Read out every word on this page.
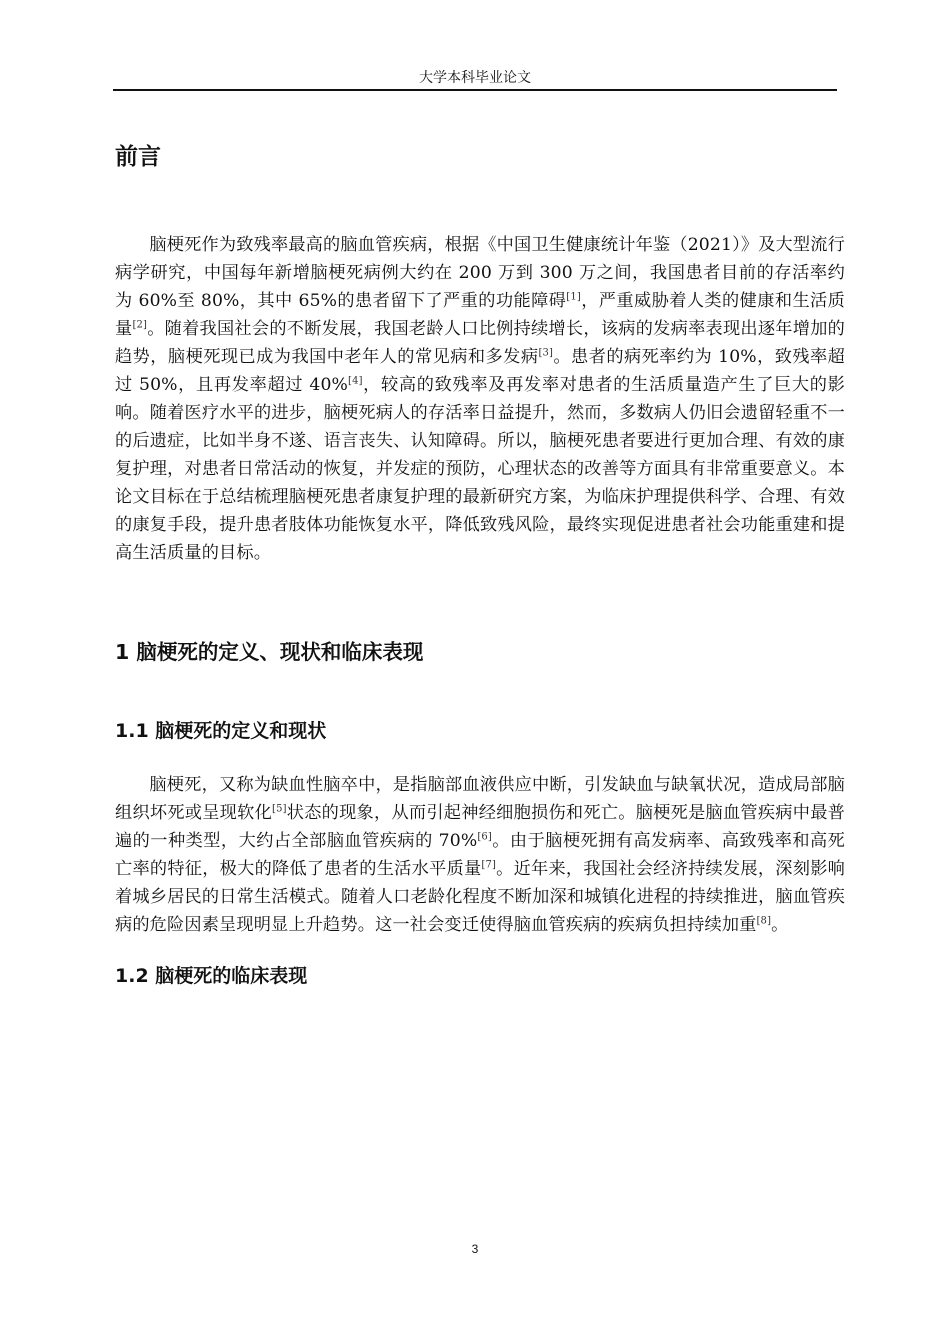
大学本科毕业论文
前言

脑梗死作为致残率最高的脑血管疾病，根据《中国卫生健康统计年鉴（2021）》及大型流行病学研究，中国每年新增脑梗死病例大约在 200 万到 300 万之间，我国患者目前的存活率约为 60%至 80%，其中 65%的患者留下了严重的功能障碍[1]，严重威胁着人类的健康和生活质量[2]。随着我国社会的不断发展，我国老龄人口比例持续增长，该病的发病率表现出逐年增加的趋势，脑梗死现已成为我国中老年人的常见病和多发病[3]。患者的病死率约为 10%，致残率超过 50%，且再发率超过 40%[4]，较高的致残率及再发率对患者的生活质量造产生了巨大的影响。随着医疗水平的进步，脑梗死病人的存活率日益提升，然而，多数病人仍旧会遗留轻重不一的后遗症，比如半身不遂、语言丧失、认知障碍。所以，脑梗死患者要进行更加合理、有效的康复护理，对患者日常活动的恢复，并发症的预防，心理状态的改善等方面具有非常重要意义。本论文目标在于总结梳理脑梗死患者康复护理的最新研究方案，为临床护理提供科学、合理、有效的康复手段，提升患者肢体功能恢复水平，降低致残风险，最终实现促进患者社会功能重建和提高生活质量的目标。

1 脑梗死的定义、现状和临床表现
1.1 脑梗死的定义和现状

脑梗死，又称为缺血性脑卒中，是指脑部血液供应中断，引发缺血与缺氧状况，造成局部脑组织坏死或呈现软化[5]状态的现象，从而引起神经细胞损伤和死亡。脑梗死是脑血管疾病中最普遍的一种类型，大约占全部脑血管疾病的 70%[6]。由于脑梗死拥有高发病率、高致残率和高死亡率的特征，极大的降低了患者的生活水平质量[7]。近年来，我国社会经济持续发展，深刻影响着城乡居民的日常生活模式。随着人口老龄化程度不断加深和城镇化进程的持续推进，脑血管疾病的危险因素呈现明显上升趋势。这一社会变迁使得脑血管疾病的疾病负担持续加重[8]。

1.2 脑梗死的临床表现
3
